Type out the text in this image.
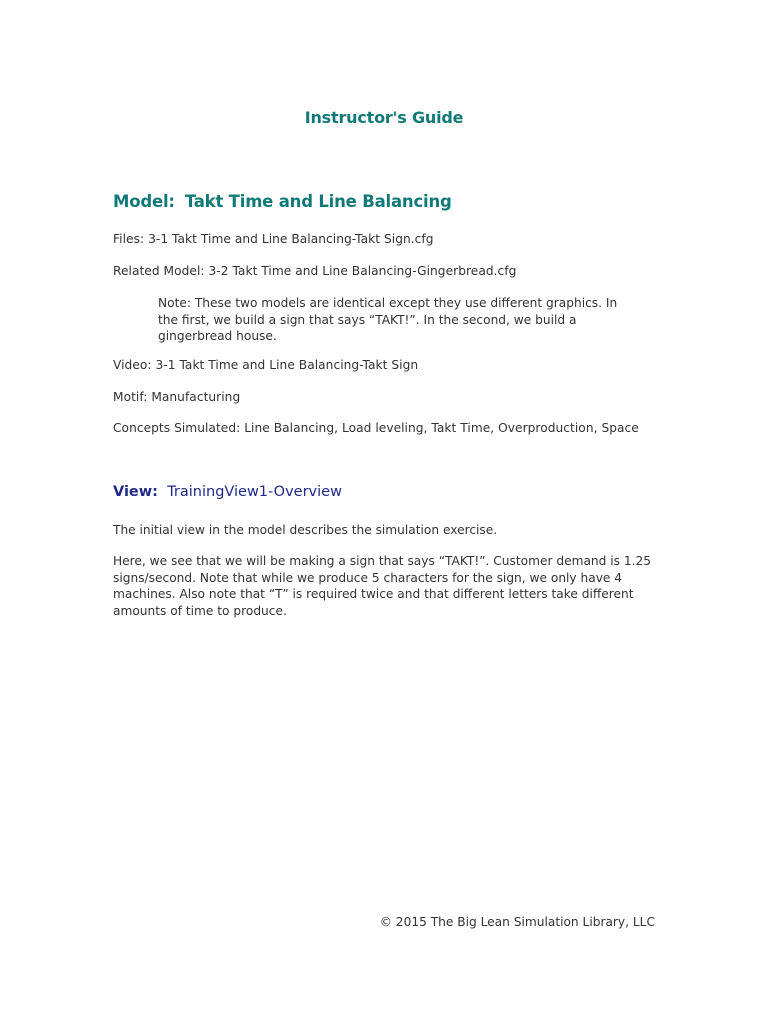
Instructor's Guide
Model: Takt Time and Line Balancing
Files: 3-1 Takt Time and Line Balancing-Takt Sign.cfg
Related Model: 3-2 Takt Time and Line Balancing-Gingerbread.cfg
Note: These two models are identical except they use different graphics. In the first, we build a sign that says “TAKT!”. In the second, we build a gingerbread house.
Video: 3-1 Takt Time and Line Balancing-Takt Sign
Motif: Manufacturing
Concepts Simulated: Line Balancing, Load leveling, Takt Time, Overproduction, Space
View: TrainingView1-Overview
The initial view in the model describes the simulation exercise.
Here, we see that we will be making a sign that says “TAKT!”. Customer demand is 1.25 signs/second. Note that while we produce 5 characters for the sign, we only have 4 machines. Also note that “T” is required twice and that different letters take different amounts of time to produce.
© 2015 The Big Lean Simulation Library, LLC
